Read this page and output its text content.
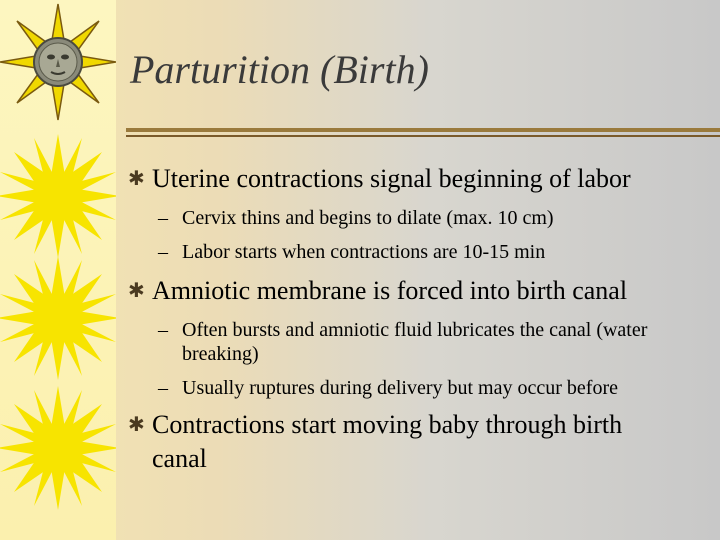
Parturition (Birth)
✱ Uterine contractions signal beginning of labor
– Cervix thins and begins to dilate (max. 10 cm)
– Labor starts when contractions are 10-15 min
✱ Amniotic membrane is forced into birth canal
– Often bursts and amniotic fluid lubricates the canal (water breaking)
– Usually ruptures during delivery but may occur before
✱ Contractions start moving baby through birth canal
